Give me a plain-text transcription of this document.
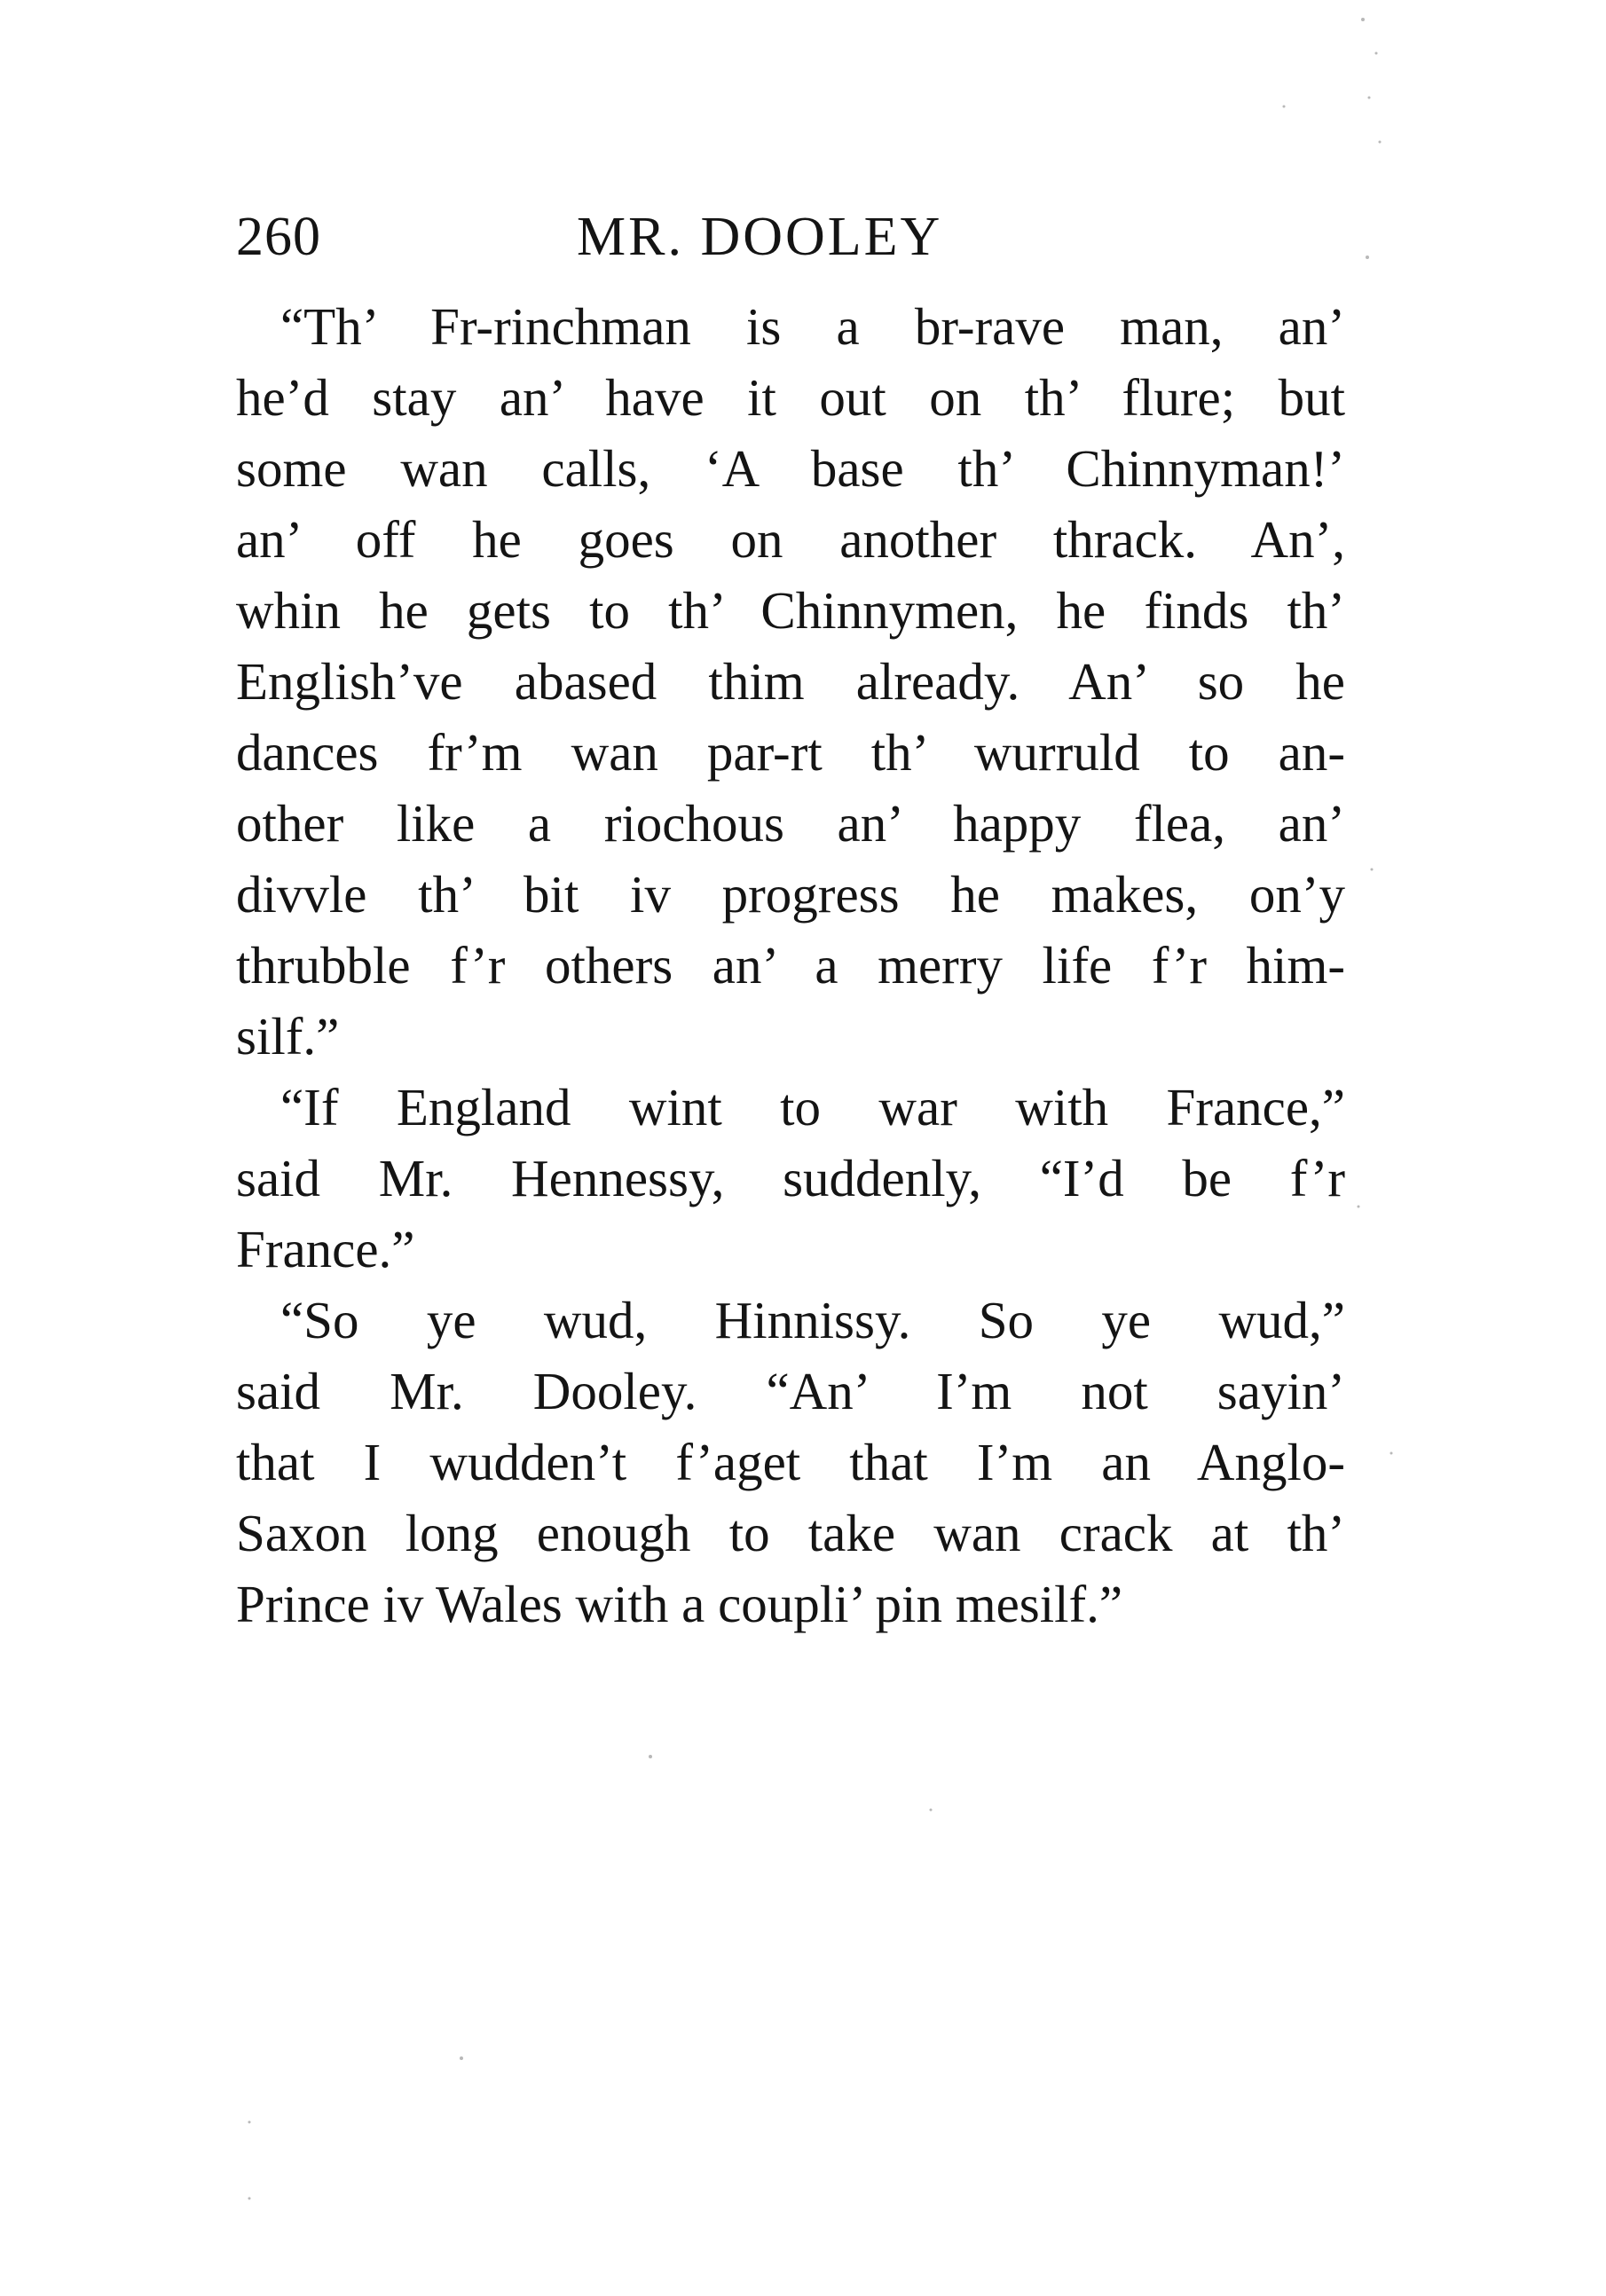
260	MR. DOOLEY
“Th’ Fr-rinchman is a br-rave man, an’
he’d stay an’ have it out on th’ flure; but
some wan calls, ‘A base th’ Chinnyman!’
an’ off he goes on another thrack. An’,
whin he gets to th’ Chinnymen, he finds th’
English’ve abased thim already. An’ so he
dances fr’m wan par-rt th’ wurruld to an-
other like a riochous an’ happy flea, an’
divvle th’ bit iv progress he makes, on’y
thrubble f’r others an’ a merry life f’r him-
silf.”
“If England wint to war with France,”
said Mr. Hennessy, suddenly, “I’d be f’r
France.”
“So ye wud, Hinnissy. So ye wud,”
said Mr. Dooley. “An’ I’m not sayin’
that I wudden’t f’aget that I’m an Anglo-
Saxon long enough to take wan crack at th’
Prince iv Wales with a coupli’ pin mesilf.”
